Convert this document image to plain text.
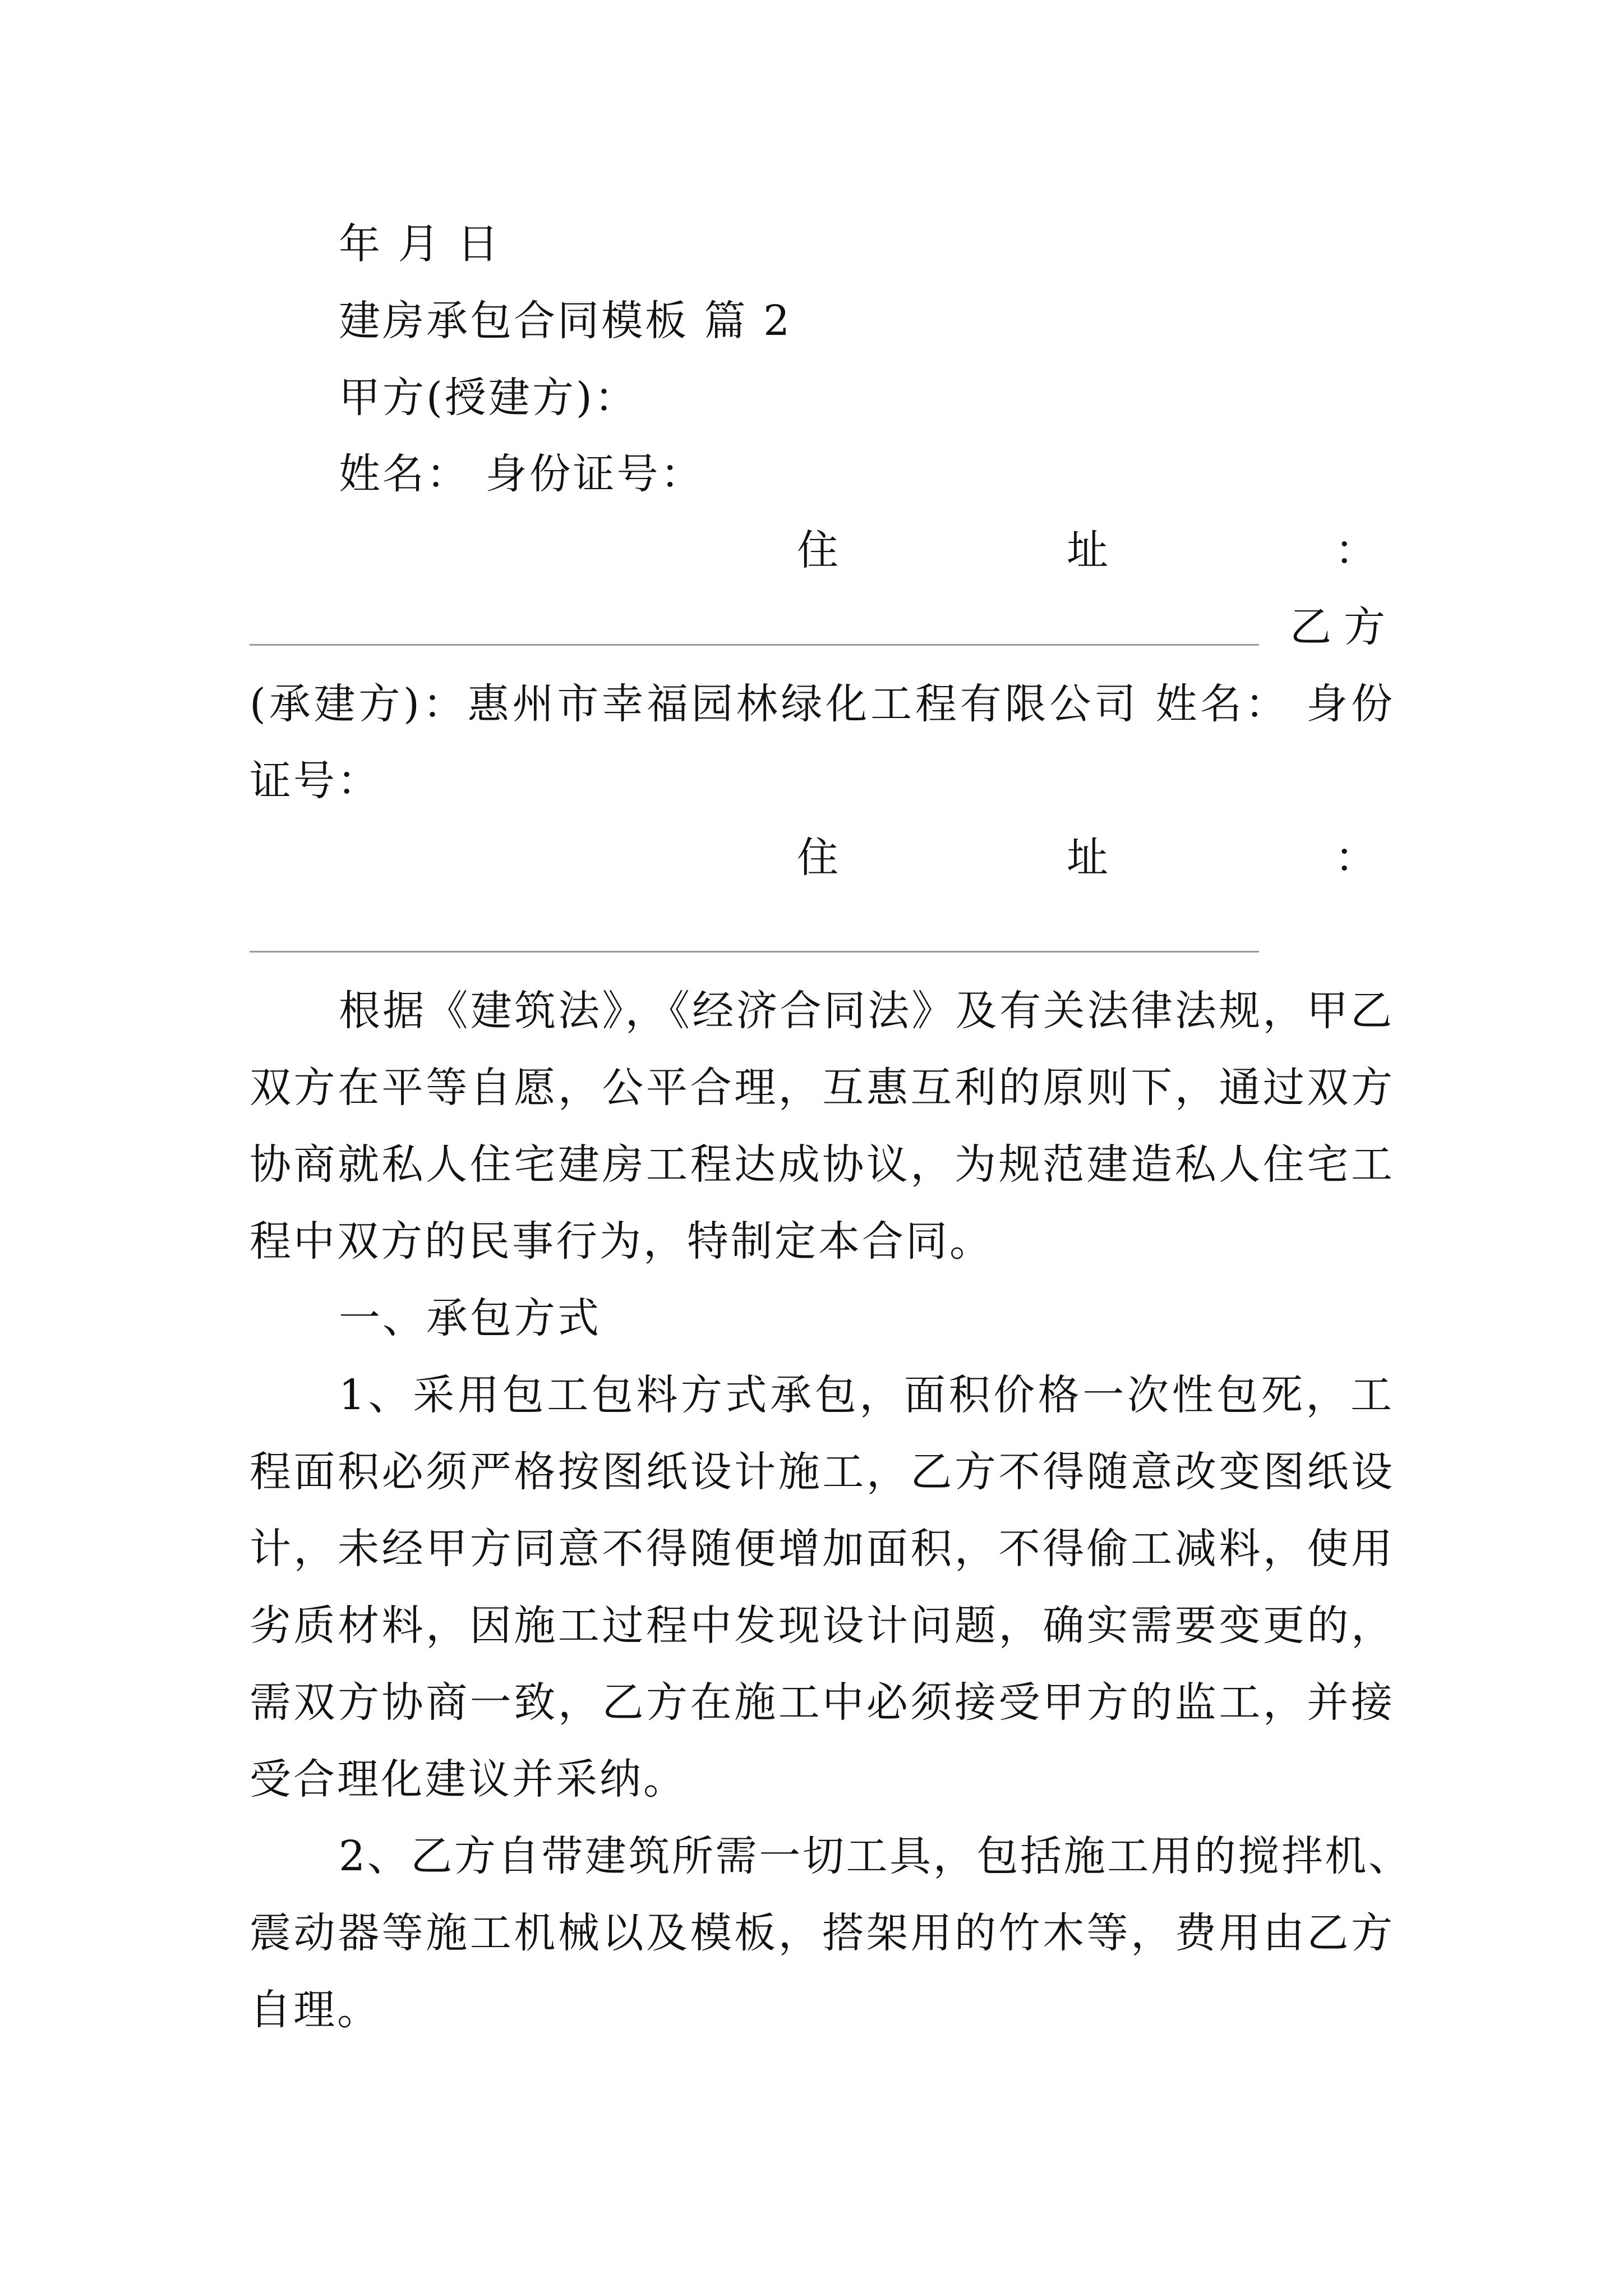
年 月 日
建房承包合同模板 篇 2
甲方(授建方)：
姓名： 身份证号：
住	址	：
乙方
(承建方)：惠州市幸福园林绿化工程有限公司 姓名： 身份
证号：
住	址	：
根据《建筑法》，《经济合同法》及有关法律法规，甲乙
双方在平等自愿，公平合理，互惠互利的原则下，通过双方
协商就私人住宅建房工程达成协议，为规范建造私人住宅工
程中双方的民事行为，特制定本合同。
一、承包方式
1、采用包工包料方式承包，面积价格一次性包死，工
程面积必须严格按图纸设计施工，乙方不得随意改变图纸设
计，未经甲方同意不得随便增加面积，不得偷工减料，使用
劣质材料，因施工过程中发现设计问题，确实需要变更的，
需双方协商一致，乙方在施工中必须接受甲方的监工，并接
受合理化建议并采纳。
2、乙方自带建筑所需一切工具，包括施工用的搅拌机、
震动器等施工机械以及模板，搭架用的竹木等，费用由乙方
自理。
